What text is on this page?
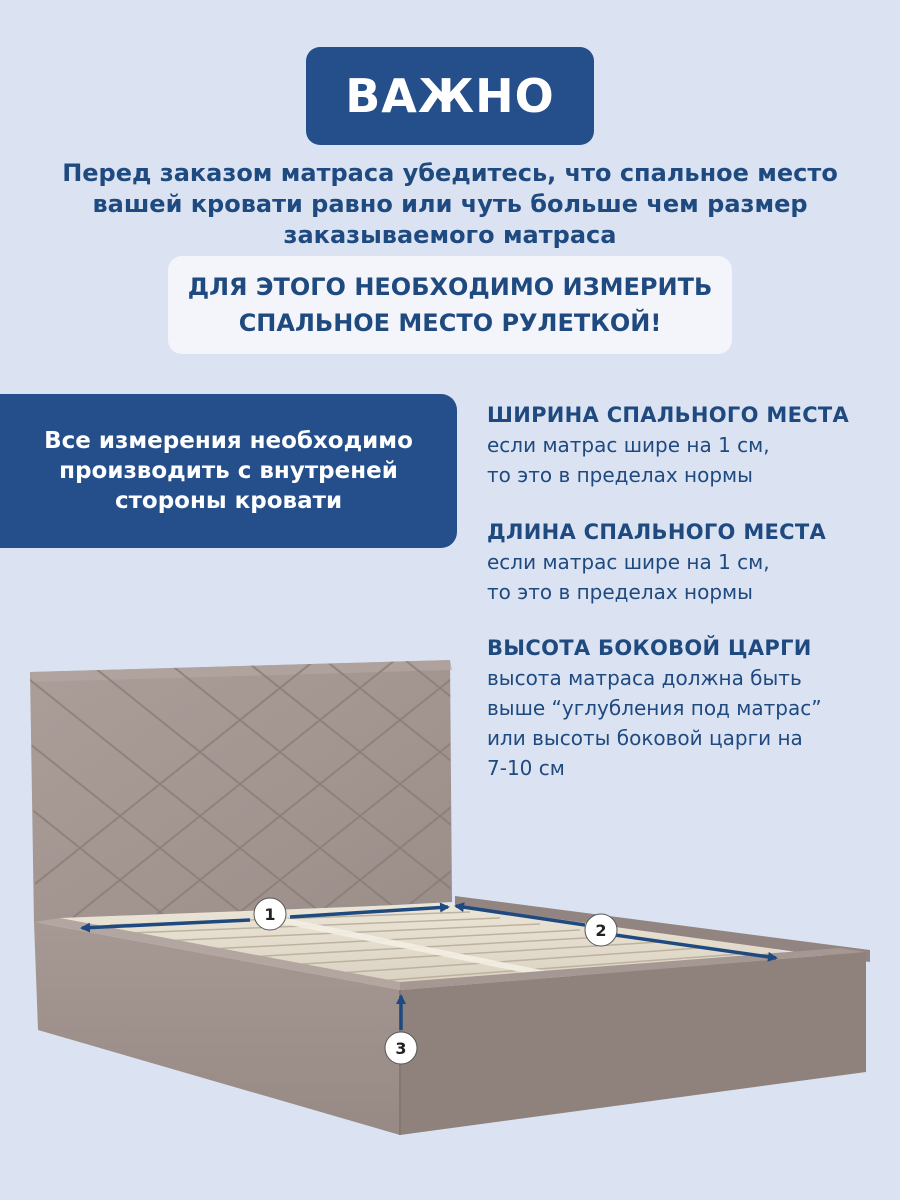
ВАЖНО
Перед заказом матраса убедитесь, что спальное место
вашей кровати равно или чуть больше чем размер
заказываемого матраса
ДЛЯ ЭТОГО НЕОБХОДИМО ИЗМЕРИТЬ
СПАЛЬНОЕ МЕСТО РУЛЕТКОЙ!
Все измерения необходимо
производить с внутреней
стороны кровати
ШИРИНА СПАЛЬНОГО МЕСТА
если матрас шире на 1 см,
то это в пределах нормы
ДЛИНА СПАЛЬНОГО МЕСТА
если матрас шире на 1 см,
то это в пределах нормы
ВЫСОТА БОКОВОЙ ЦАРГИ
высота матраса должна быть
выше “углубления под матрас”
или высоты боковой царги на
7-10 см
1
2
3
